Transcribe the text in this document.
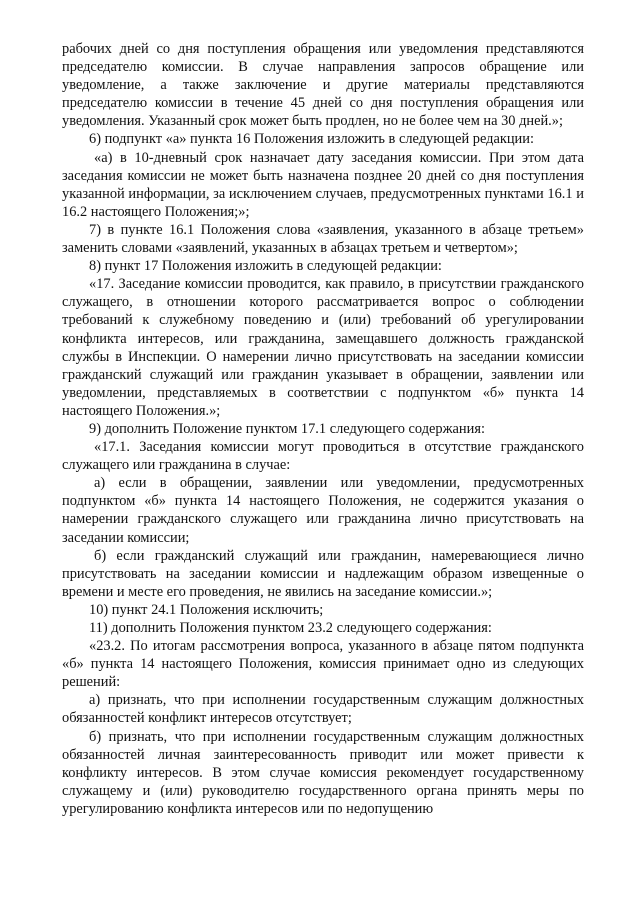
рабочих дней со дня поступления обращения или уведомления представляются председателю комиссии. В случае направления запросов обращение или уведомление, а также заключение и другие материалы представляются председателю комиссии в течение 45 дней со дня поступления обращения или уведомления. Указанный срок может быть продлен, но не более чем на 30 дней.»;

6) подпункт «а» пункта 16 Положения изложить в следующей редакции:

«а) в 10-дневный срок назначает дату заседания комиссии. При этом дата заседания комиссии не может быть назначена позднее 20 дней со дня поступления указанной информации, за исключением случаев, предусмотренных пунктами 16.1 и 16.2 настоящего Положения;»;

7) в пункте 16.1 Положения слова «заявления, указанного в абзаце третьем» заменить словами «заявлений, указанных в абзацах третьем и четвертом»;

8) пункт 17 Положения изложить в следующей редакции:

«17. Заседание комиссии проводится, как правило, в присутствии гражданского служащего, в отношении которого рассматривается вопрос о соблюдении требований к служебному поведению и (или) требований об урегулировании конфликта интересов, или гражданина, замещавшего должность гражданской службы в Инспекции. О намерении лично присутствовать на заседании комиссии гражданский служащий или гражданин указывает в обращении, заявлении или уведомлении, представляемых в соответствии с подпунктом «б» пункта 14 настоящего Положения.»;

9) дополнить Положение пунктом 17.1 следующего содержания:

«17.1. Заседания комиссии могут проводиться в отсутствие гражданского служащего или гражданина в случае:

а) если в обращении, заявлении или уведомлении, предусмотренных подпунктом «б» пункта 14 настоящего Положения, не содержится указания о намерении гражданского служащего или гражданина лично присутствовать на заседании комиссии;

б) если гражданский служащий или гражданин, намеревающиеся лично присутствовать на заседании комиссии и надлежащим образом извещенные о времени и месте его проведения, не явились на заседание комиссии.»;

10) пункт 24.1 Положения исключить;

11) дополнить Положения пунктом 23.2 следующего содержания:

«23.2. По итогам рассмотрения вопроса, указанного в абзаце пятом подпункта «б» пункта 14 настоящего Положения, комиссия принимает одно из следующих решений:

а) признать, что при исполнении государственным служащим должностных обязанностей конфликт интересов отсутствует;

б) признать, что при исполнении государственным служащим должностных обязанностей личная заинтересованность приводит или может привести к конфликту интересов. В этом случае комиссия рекомендует государственному служащему и (или) руководителю государственного органа принять меры по урегулированию конфликта интересов или по недопущению
